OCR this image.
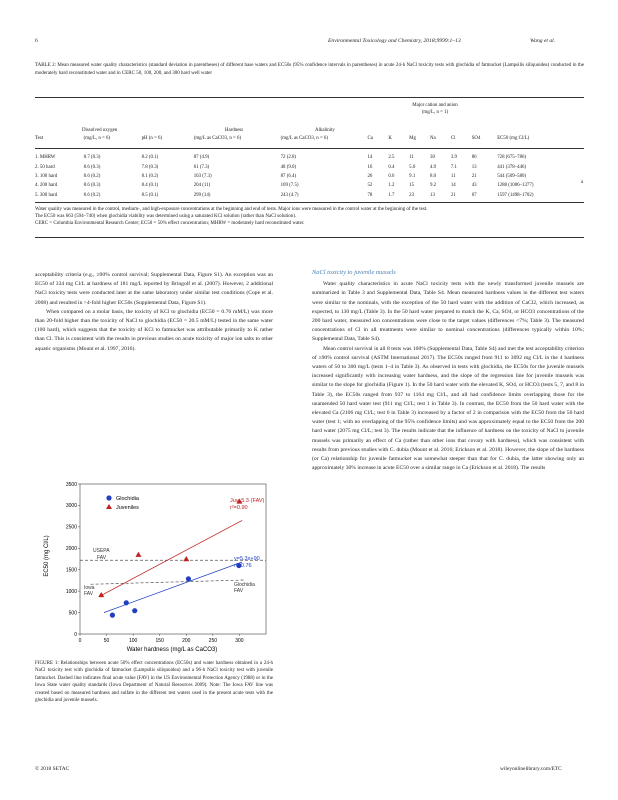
6	Environmental Toxicology and Chemistry, 2018;9999:1–13	Wang et al.
TABLE 2: Mean measured water quality characteristics (standard deviation in parentheses) of different base waters and EC50s (95% confidence intervals in parentheses) in acute 24-h NaCl toxicity tests with glochidia of fatmucket (Lampsilis siliquoidea) conducted in the moderately hard reconstituted water and in CERC 50, 100, 200, and 300 hard well water
Major cation and anion
(mg/L, n = 1)
Dissolved oxygen	Hardness	Alkalinity
Test	(mg/L, n = 6)	pH (n = 6)	(mg/L as CaCO3, n = 6)	(mg/L as CaCO3, n = 6)	Ca	K	Mg	Na	Cl	SO4	EC50 (mg Cl/L)
1. MHRW	8.7 (0.3)	8.2 (0.1)	87 (4.9)	72 (2.8)	14	2.5	11	30	3.9	86	728 (675–786)
2. 50 hard	8.6 (0.3)	7.8 (0.3)	61 (7.3)	48 (9.0)	16	0.4	5.0	4.9	7.1	13	441 (378–446)
3. 100 hard	8.6 (0.2)	8.1 (0.2)	103 (7.3)	87 (6.4)	26	0.6	9.1	8.0	11	21	544 (509–580)
4. 200 hard	8.6 (0.3)	8.4 (0.1)	204 (11)	169 (7.5)	52	1.2	15	9.2	14	43	1288 (1006–1377)
5. 300 hard	8.6 (0.2)	8.5 (0.1)	299 (14)	243 (4.7)	78	1.7	23	13	21	67	1597 (1498–1702)
a
Water quality was measured in the control, medium-, and high-exposure concentrations at the beginning and end of tests. Major ions were measured in the control water at the beginning of the test.
The EC50 was 663 (594–740) when glochidia viability was determined using a saturated KCl solution (rather than NaCl solution).
CERC = Columbia Environmental Research Center; EC50 = 50% effect concentration; MHRW = moderately hard reconstituted water.

acceptability criteria (e.g., ≥90% control survival; Supplemental Data, Figure S1). An exception was an EC50 of 334 mg Cl/L at hardness of 181 mg/L reported by Bringolf et al. (2007). However, 2 additional NaCl toxicity tests were conducted later at the same laboratory under similar test conditions (Cope et al. 2008) and resulted in >4-fold higher EC50s (Supplemental Data, Figure S1).

When compared on a molar basis, the toxicity of KCl to glochidia (EC50 = 0.76 mM/L) was more than 20-fold higher than the toxicity of NaCl to glochidia (EC50 = 20.5 mM/L) tested in the same water (100 hard), which suggests that the toxicity of KCl to fatmucket was attributable primarily to K rather than Cl. This is consistent with the results in previous studies on acute toxicity of major ion salts to other aquatic organisms (Mount et al. 1997, 2016).

0
500
1000
1500
2000
2500
3000
3500
0	50	100	150	200	250	300
Glochidia
Juveniles
Juv. 5.3·(FAV)
r²=0.90
USEPA
FAV	y=5.3x+90
r²=0.76
Iowa
FAV
Glochidia
FAV
Water hardness (mg/L as CaCO3)
EC50 (mg Cl/L)
FIGURE 1: Relationships between acute 50% effect concentrations (EC50s) and water hardness obtained in a 24-h NaCl toxicity test with glochidia of fatmucket (Lampsilis siliquoidea) and a 96-h NaCl toxicity test with juvenile fatmucket. Dashed line indicates final acute value (FAV) in the US Environmental Protection Agency (1988) or in the Iowa State water quality standards (Iowa Department of Natural Resources 2009). Note: The Iowa FAV line was created based on measured hardness and sulfate in the different test waters used in the present acute tests with the glochidia and juvenile mussels.
NaCl toxicity to juvenile mussels

Water quality characteristics in acute NaCl toxicity tests with the newly transformed juvenile mussels are summarized in Table 3 and Supplemental Data, Table S4. Mean measured hardness values in the different test waters were similar to the nominals, with the exception of the 50 hard water with the addition of CaCl2, which increased, as expected, to 130 mg/L (Table 3). In the 50 hard water prepared to match the K, Ca, SO4, or HCO3 concentrations of the 200 hard water, measured ion concentrations were close to the target values (differences <7%; Table 3). The measured concentrations of Cl in all treatments were similar to nominal concentrations (differences typically within 10%; Supplemental Data, Table S4).

Mean control survival in all 8 tests was 100% (Supplemental Data, Table S4) and met the test acceptability criterion of ≥90% control survival (ASTM International 2017). The EC50s ranged from 911 to 3092 mg Cl/L in the 4 hardness waters of 50 to 300 mg/L (tests 1–4 in Table 3). As observed in tests with glochidia, the EC50s for the juvenile mussels increased significantly with increasing water hardness, and the slope of the regression line for juvenile mussels was similar to the slope for glochidia (Figure 1). In the 50 hard water with the elevated K, SO4, or HCO3 (tests 5, 7, and 8 in Table 3), the EC50s ranged from 937 to 1164 mg Cl/L, and all had confidence limits overlapping those for the unamended 50 hard water test (911 mg Cl/L; test 1 in Table 3). In contrast, the EC50 from the 50 hard water with the elevated Ca (2106 mg Cl/L; test 6 in Table 3) increased by a factor of 2 in comparison with the EC50 from the 50 hard water (test 1; with no overlapping of the 95% confidence limits) and was approximately equal to the EC50 from the 200 hard water (2075 mg Cl/L; test 3). The results indicate that the influence of hardness on the toxicity of NaCl to juvenile mussels was primarily an effect of Ca (rather than other ions that covary with hardness), which was consistent with results from previous studies with C. dubia (Mount et al. 2016; Erickson et al. 2018). However, the slope of the hardness (or Ca) relationship for juvenile fatmucket was somewhat steeper than that for C. dubia, the latter showing only an approximately 30% increase in acute EC50 over a similar range in Ca (Erickson et al. 2018). The results

© 2018 SETAC	wileyonlinelibrary.com/ETC
